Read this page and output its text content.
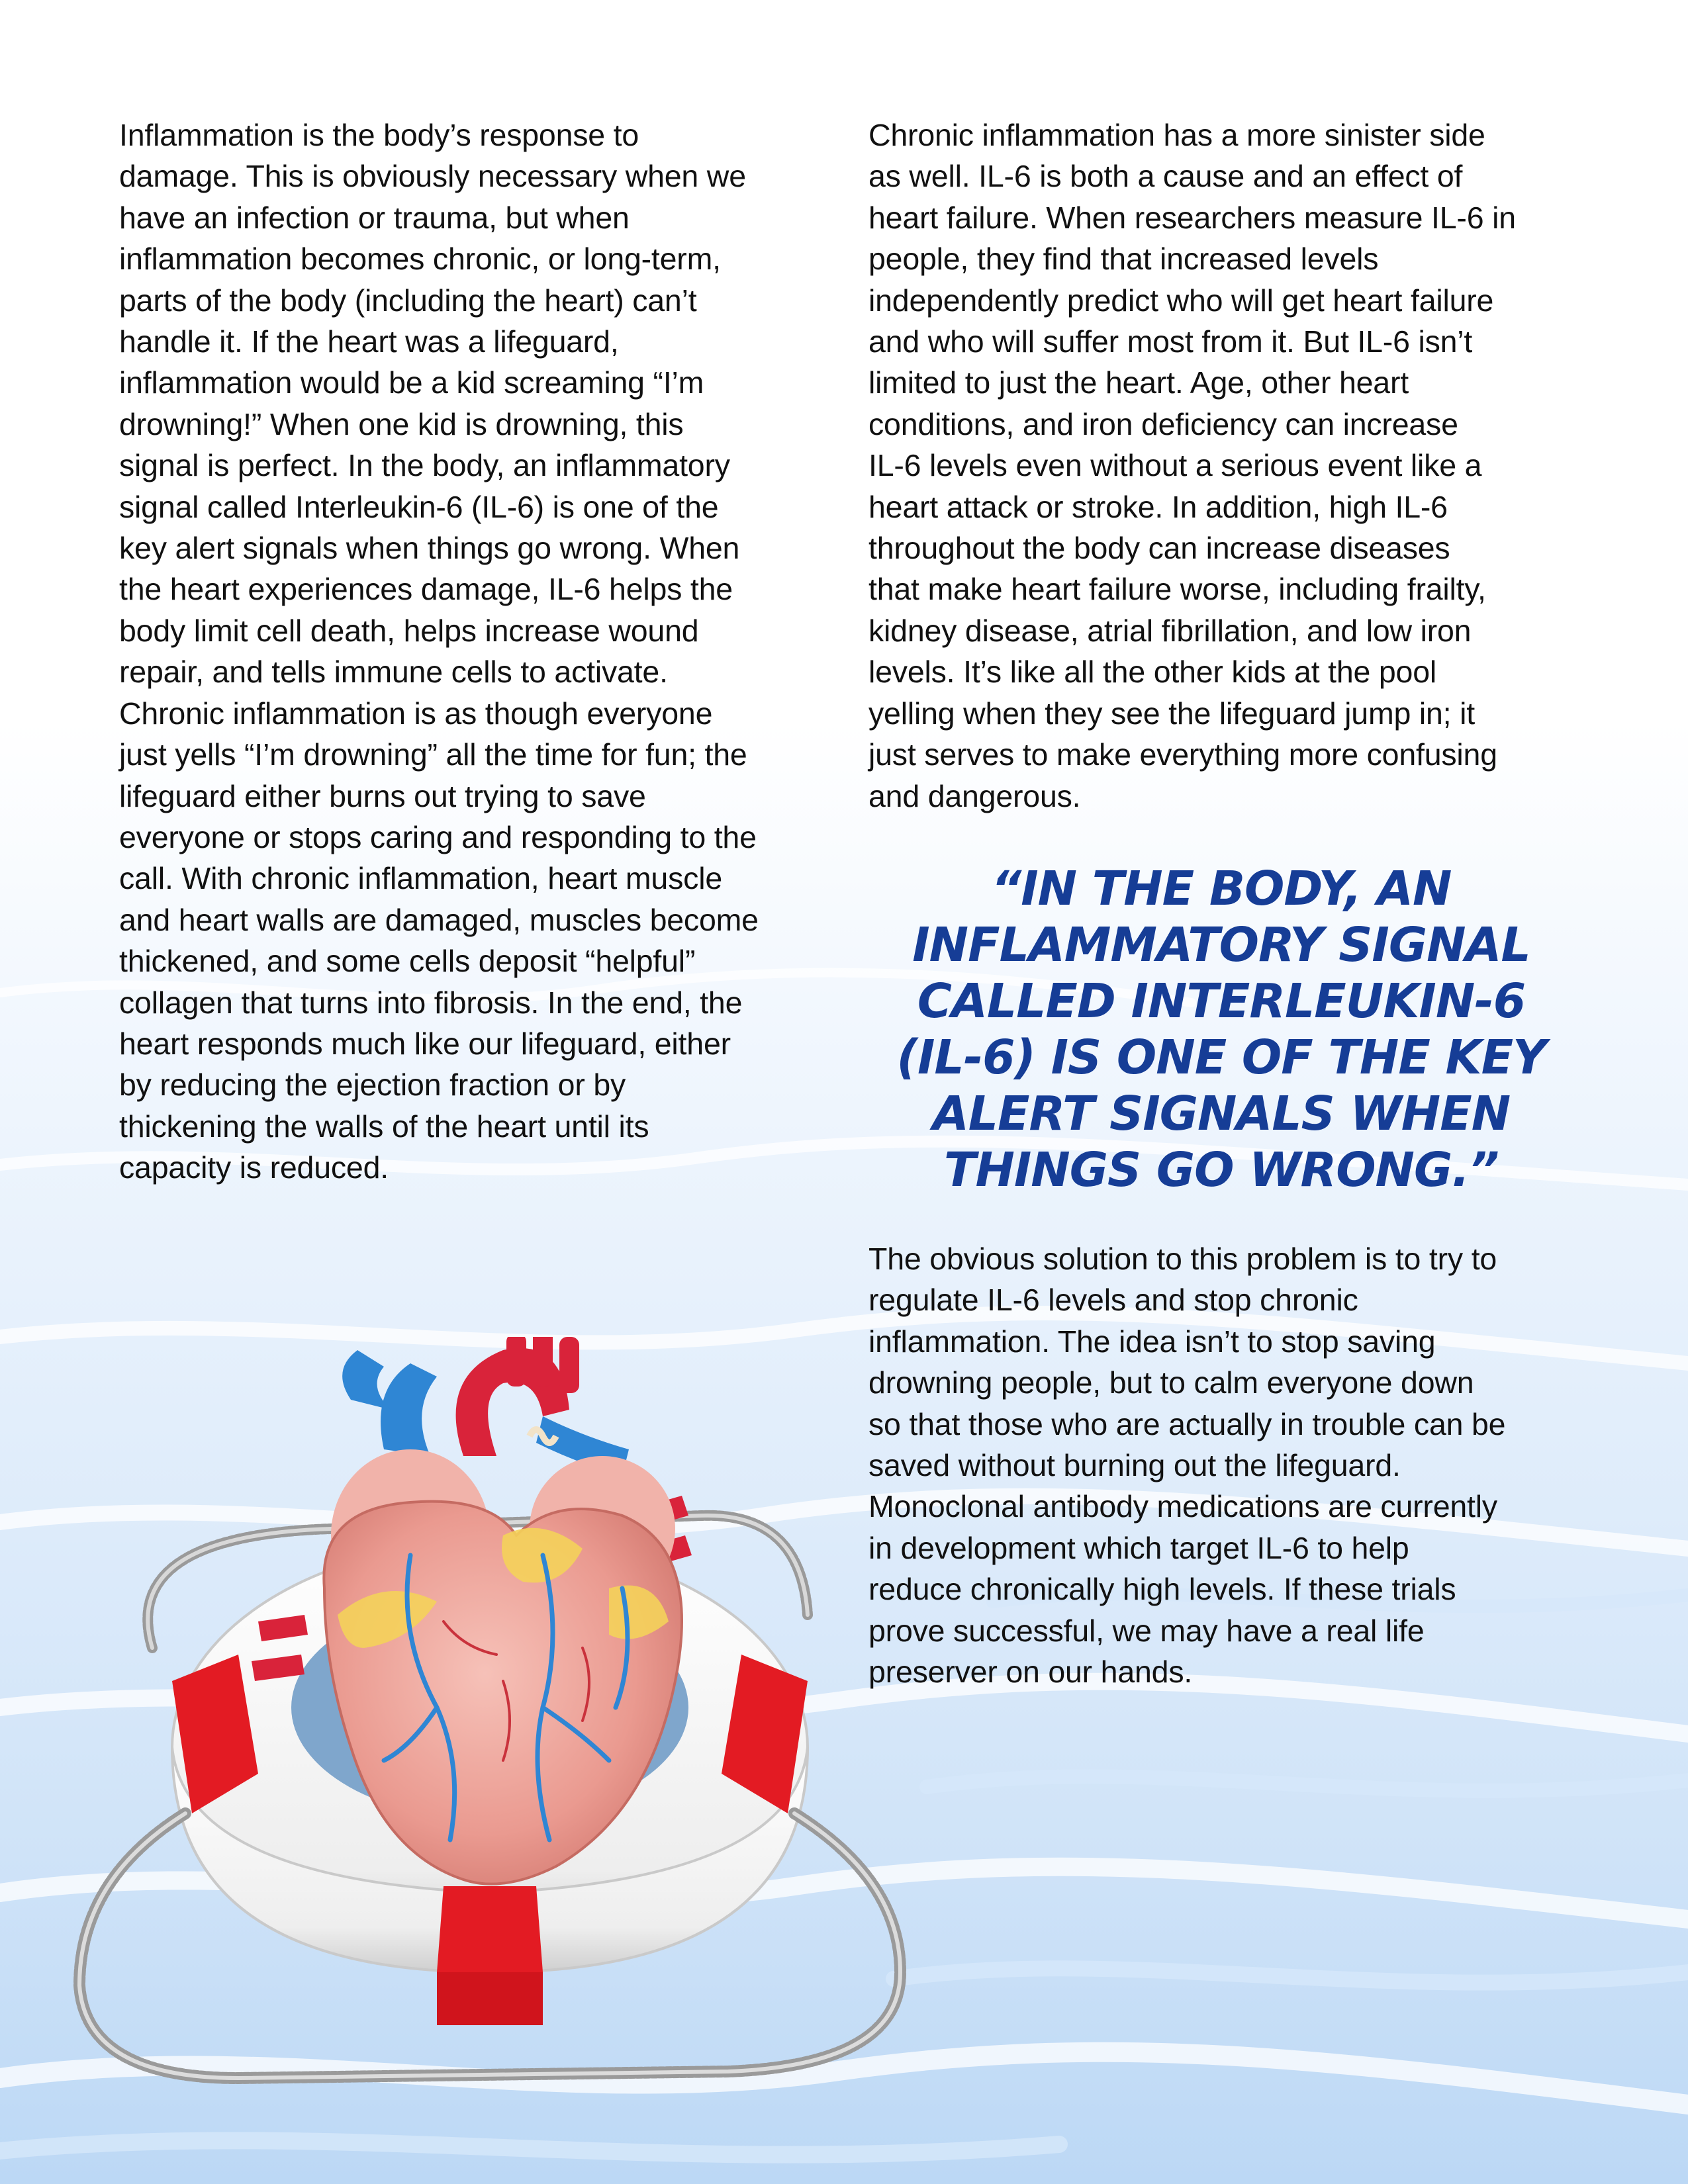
Inflammation is the body’s response to
damage. This is obviously necessary when we
have an infection or trauma, but when
inflammation becomes chronic, or long-term,
parts of the body (including the heart) can’t
handle it. If the heart was a lifeguard,
inflammation would be a kid screaming “I’m
drowning!” When one kid is drowning, this
signal is perfect. In the body, an inflammatory
signal called Interleukin-6 (IL-6) is one of the
key alert signals when things go wrong. When
the heart experiences damage, IL-6 helps the
body limit cell death, helps increase wound
repair, and tells immune cells to activate.
Chronic inflammation is as though everyone
just yells “I’m drowning” all the time for fun; the
lifeguard either burns out trying to save
everyone or stops caring and responding to the
call. With chronic inflammation, heart muscle
and heart walls are damaged, muscles become
thickened, and some cells deposit “helpful”
collagen that turns into fibrosis. In the end, the
heart responds much like our lifeguard, either
by reducing the ejection fraction or by
thickening the walls of the heart until its
capacity is reduced.
Chronic inflammation has a more sinister side
as well. IL-6 is both a cause and an effect of
heart failure. When researchers measure IL-6 in
people, they find that increased levels
independently predict who will get heart failure
and who will suffer most from it. But IL-6 isn’t
limited to just the heart. Age, other heart
conditions, and iron deficiency can increase
IL-6 levels even without a serious event like a
heart attack or stroke. In addition, high IL-6
throughout the body can increase diseases
that make heart failure worse, including frailty,
kidney disease, atrial fibrillation, and low iron
levels. It’s like all the other kids at the pool
yelling when they see the lifeguard jump in; it
just serves to make everything more confusing
and dangerous.
“IN THE BODY, AN
INFLAMMATORY SIGNAL
CALLED INTERLEUKIN-6
(IL-6) IS ONE OF THE KEY
ALERT SIGNALS WHEN
THINGS GO WRONG.”
The obvious solution to this problem is to try to
regulate IL-6 levels and stop chronic
inflammation. The idea isn’t to stop saving
drowning people, but to calm everyone down
so that those who are actually in trouble can be
saved without burning out the lifeguard.
Monoclonal antibody medications are currently
in development which target IL-6 to help
reduce chronically high levels. If these trials
prove successful, we may have a real life
preserver on our hands.
